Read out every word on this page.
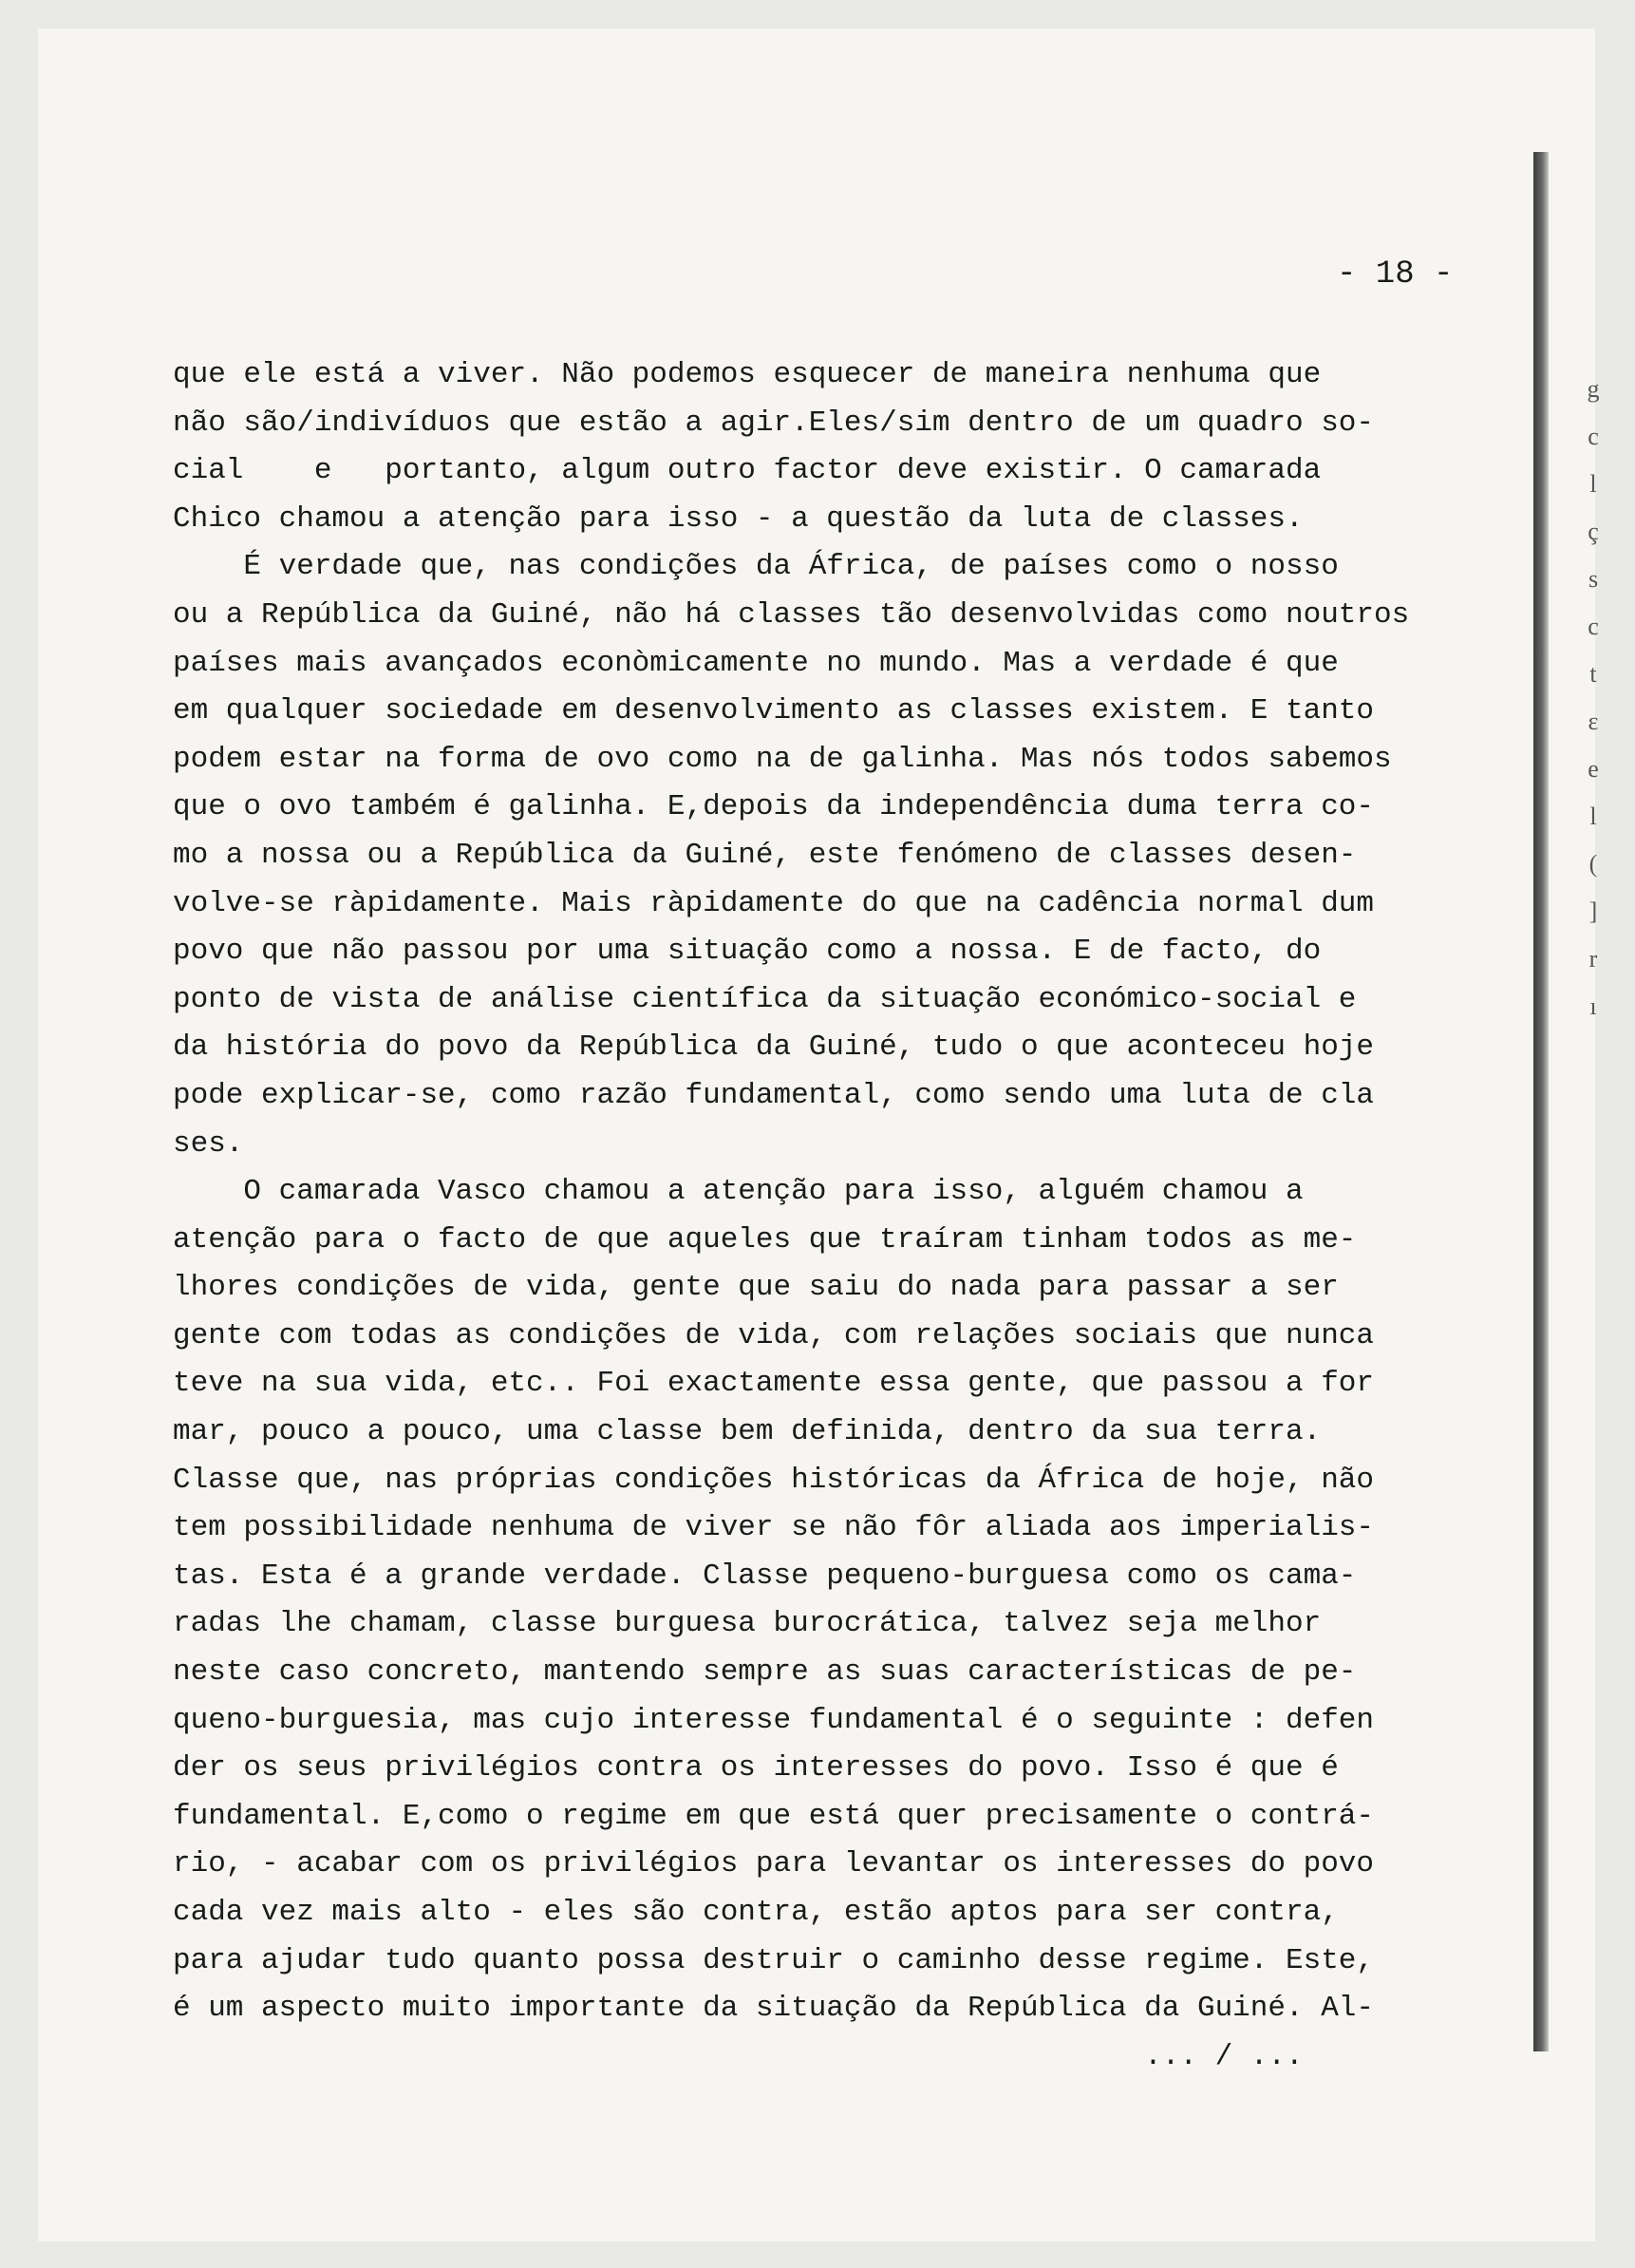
- 18 -
que ele está a viver. Não podemos esquecer de maneira nenhuma que
não são/indivíduos que estão a agir.Eles/sim dentro de um quadro so-
cial    e   portanto, algum outro factor deve existir. O camarada
Chico chamou a atenção para isso - a questão da luta de classes.
É verdade que, nas condições da África, de países como o nosso
ou a República da Guiné, não há classes tão desenvolvidas como noutros
países mais avançados econòmicamente no mundo. Mas a verdade é que
em qualquer sociedade em desenvolvimento as classes existem. E tanto
podem estar na forma de ovo como na de galinha. Mas nós todos sabemos
que o ovo também é galinha. E,depois da independência duma terra co-
mo a nossa ou a República da Guiné, este fenómeno de classes desen-
volve-se ràpidamente. Mais ràpidamente do que na cadência normal dum
povo que não passou por uma situação como a nossa. E de facto, do
ponto de vista de análise científica da situação económico-social e
da história do povo da República da Guiné, tudo o que aconteceu hoje
pode explicar-se, como razão fundamental, como sendo uma luta de cla
ses.
O camarada Vasco chamou a atenção para isso, alguém chamou a
atenção para o facto de que aqueles que traíram tinham todos as me-
lhores condições de vida, gente que saiu do nada para passar a ser
gente com todas as condições de vida, com relações sociais que nunca
teve na sua vida, etc.. Foi exactamente essa gente, que passou a for
mar, pouco a pouco, uma classe bem definida, dentro da sua terra.
Classe que, nas próprias condições históricas da África de hoje, não
tem possibilidade nenhuma de viver se não fôr aliada aos imperialis-
tas. Esta é a grande verdade. Classe pequeno-burguesa como os cama-
radas lhe chamam, classe burguesa burocrática, talvez seja melhor
neste caso concreto, mantendo sempre as suas características de pe-
queno-burguesia, mas cujo interesse fundamental é o seguinte : defen
der os seus privilégios contra os interesses do povo. Isso é que é
fundamental. E,como o regime em que está quer precisamente o contrá-
rio, - acabar com os privilégios para levantar os interesses do povo
cada vez mais alto - eles são contra, estão aptos para ser contra,
para ajudar tudo quanto possa destruir o caminho desse regime. Este,
é um aspecto muito importante da situação da República da Guiné. Al-
... / ...
g
c
l
ç
s
c
t
ɛ
e
l
(
]
r
ı
